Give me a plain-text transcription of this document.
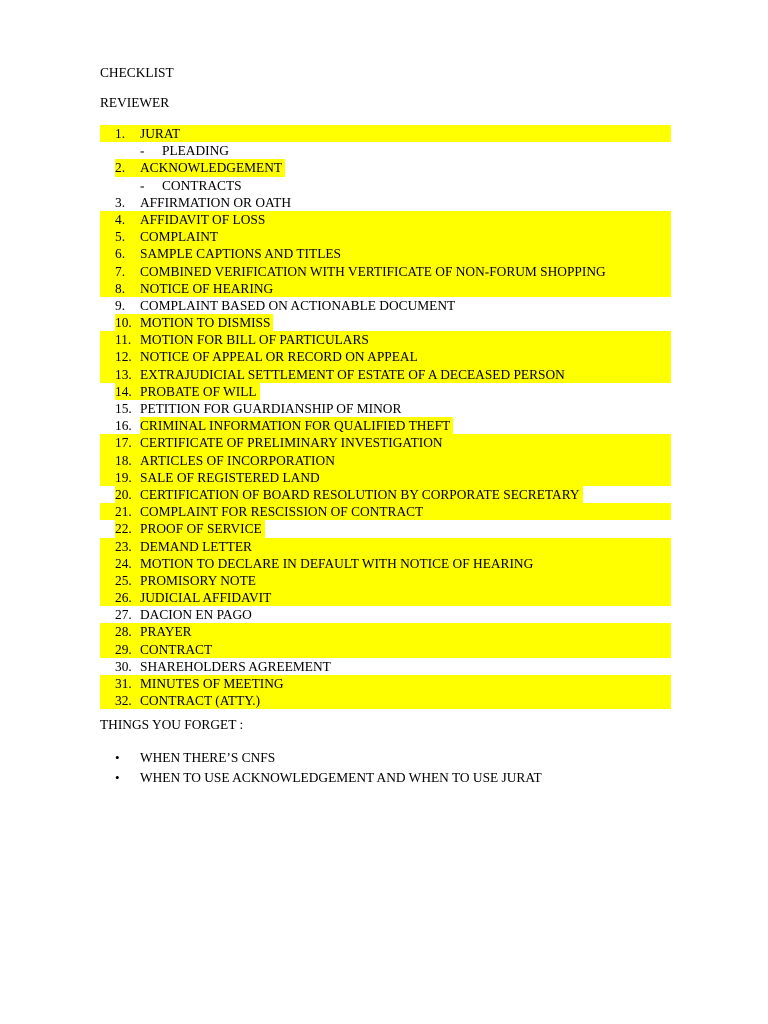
CHECKLIST
REVIEWER
1. JURAT
- PLEADING
2. ACKNOWLEDGEMENT
- CONTRACTS
3. AFFIRMATION OR OATH
4. AFFIDAVIT OF LOSS
5. COMPLAINT
6. SAMPLE CAPTIONS AND TITLES
7. COMBINED VERIFICATION WITH VERTIFICATE OF NON-FORUM SHOPPING
8. NOTICE OF HEARING
9. COMPLAINT BASED ON ACTIONABLE DOCUMENT
10. MOTION TO DISMISS
11. MOTION FOR BILL OF PARTICULARS
12. NOTICE OF APPEAL OR RECORD ON APPEAL
13. EXTRAJUDICIAL SETTLEMENT OF ESTATE OF A DECEASED PERSON
14. PROBATE OF WILL
15. PETITION FOR GUARDIANSHIP OF MINOR
16. CRIMINAL INFORMATION FOR QUALIFIED THEFT
17. CERTIFICATE OF PRELIMINARY INVESTIGATION
18. ARTICLES OF INCORPORATION
19. SALE OF REGISTERED LAND
20. CERTIFICATION OF BOARD RESOLUTION BY CORPORATE SECRETARY
21. COMPLAINT FOR RESCISSION OF CONTRACT
22. PROOF OF SERVICE
23. DEMAND LETTER
24. MOTION TO DECLARE IN DEFAULT WITH NOTICE OF HEARING
25. PROMISORY NOTE
26. JUDICIAL AFFIDAVIT
27. DACION EN PAGO
28. PRAYER
29. CONTRACT
30. SHAREHOLDERS AGREEMENT
31. MINUTES OF MEETING
32. CONTRACT (ATTY.)
THINGS YOU FORGET :
• WHEN THERE’S CNFS
• WHEN TO USE ACKNOWLEDGEMENT AND WHEN TO USE JURAT
